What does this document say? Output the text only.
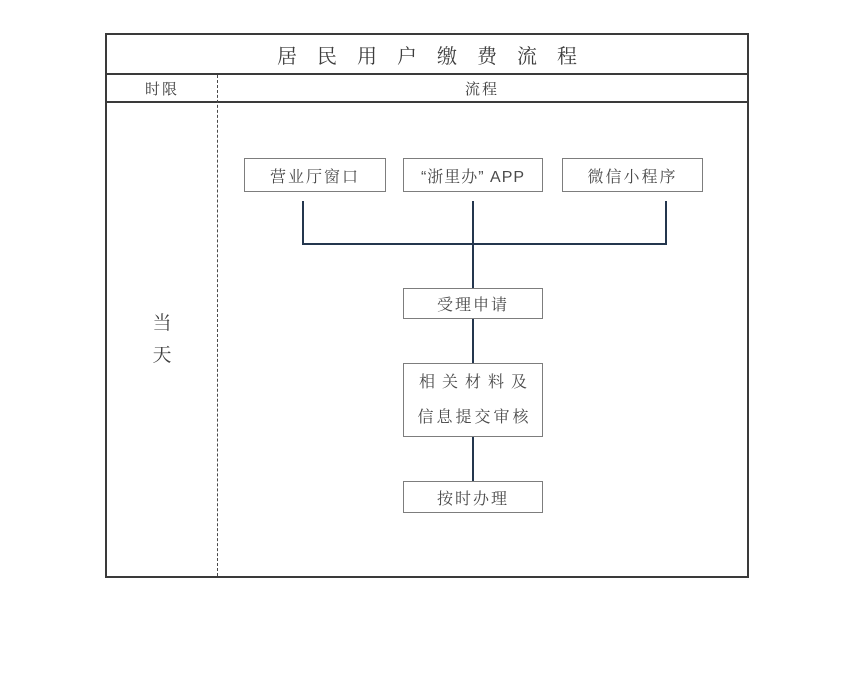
居民用户缴费流程
时限	流程
当天
营业厅窗口	“浙里办” APP	微信小程序
受理申请
相关材料及
信息提交审核
按时办理
